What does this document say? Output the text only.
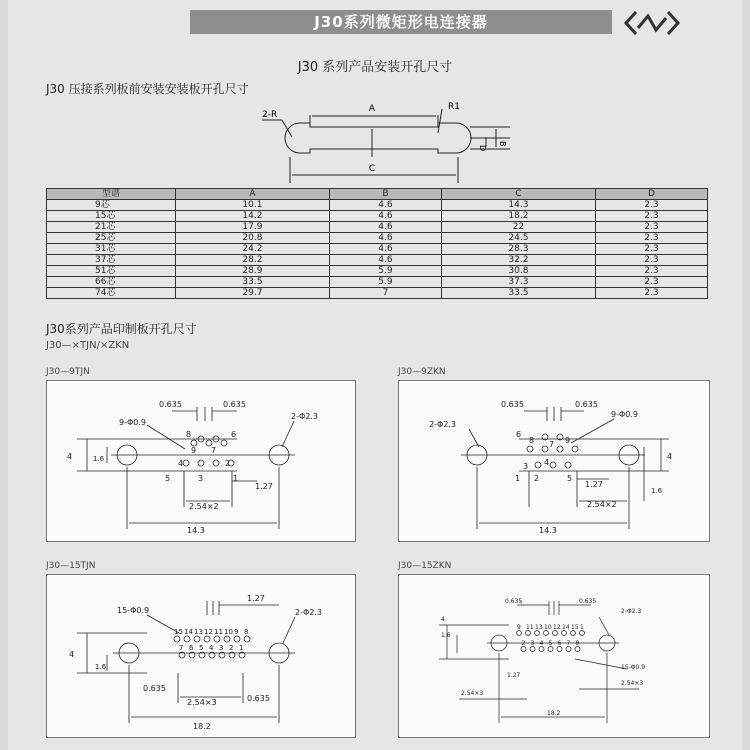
J30系列微矩形电连接器
J30 系列产品安装开孔尺寸
J30 压接系列板前安装安装板开孔尺寸
A	R1
2-R
D
B
C
型谱	A	B	C	D
9芯	10.1	4.6	14.3	2.3
15芯	14.2	4.6	18.2	2.3
21芯	17.9	4.6	22	2.3
25芯	20.8	4.6	24.5	2.3
31芯	24.2	4.6	28.3	2.3
37芯	28.2	4.6	32.2	2.3
51芯	28.9	5.9	30.8	2.3
66芯	33.5	5.9	37.3	2.3
74芯	29.7	7	33.5	2.3
J30系列产品印制板开孔尺寸
J30—×TJN/×ZKN
J30—9TJN
0.635	0.635
9-Φ0.9
2-Φ2.3
4	1.6
1.27
2.54×2
14.3
8
9 7
6
4
3
2
5	1
J30—9ZKN
0.635	0.635
9-Φ0.9
2-Φ2.3
4
1.6
1.27
2.54×2
14.3
6
8 7 9
3 4
1 2	5
J30—15TJN
15-Φ0.9	2-Φ2.3
1.27
4
1.6
0.635
0.635
2.54×3
18.2
15 14 13 12 11 10 9 8
7 6 5 4 3 2 1
J30—15ZKN
0.635	0.635
2-Φ2.3
15-Φ0.9
4
1.6
1.27
2.54×3
2.54×3
18.2
9 11 13 10 12 14 15 1
2 3 4 5 6 7 8
